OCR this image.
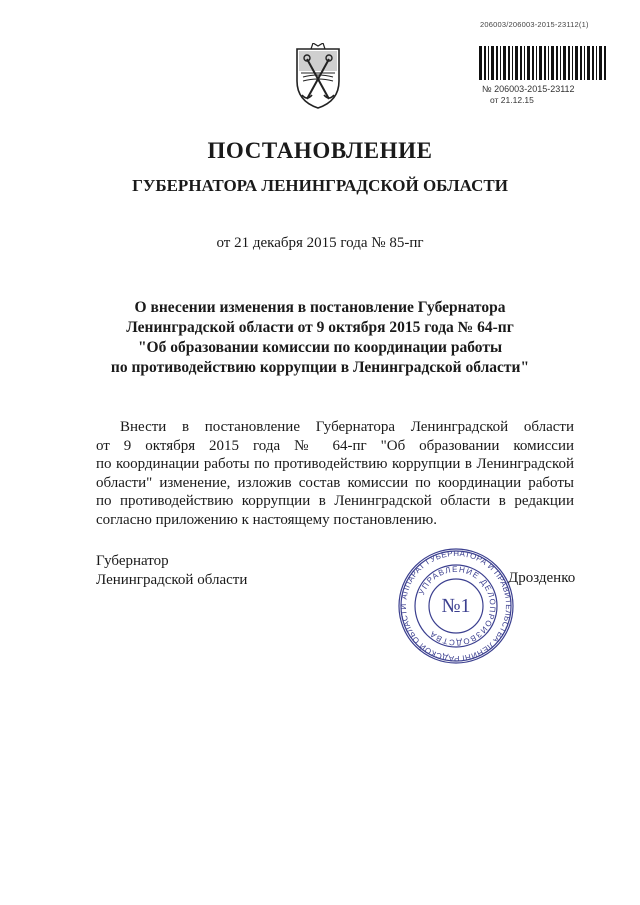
206003/206003-2015-23112(1)
№ 206003-2015-23112
от 21.12.15
ПОСТАНОВЛЕНИЕ
ГУБЕРНАТОРА ЛЕНИНГРАДСКОЙ ОБЛАСТИ
от 21 декабря 2015 года № 85-пг
О внесении изменения в постановление Губернатора
Ленинградской области от 9 октября 2015 года № 64-пг
"Об образовании комиссии по координации работы
по противодействию коррупции в Ленинградской области"
Внести в постановление Губернатора Ленинградской области
от 9 октября 2015 года № 64-пг "Об образовании комиссии
по координации работы по противодействию коррупции в Ленинградской
области" изменение, изложив состав комиссии по координации работы
по противодействию коррупции в Ленинградской области в редакции
согласно приложению к настоящему постановлению.
Губернатор
Ленинградской области	Дрозденко
АППАРАТ ГУБЕРНАТОРА И ПРАВИТЕЛЬСТВА ЛЕНИНГРАДСКОЙ ОБЛАСТИ
УПРАВЛЕНИЕ ДЕЛОПРОИЗВОДСТВА
№1
